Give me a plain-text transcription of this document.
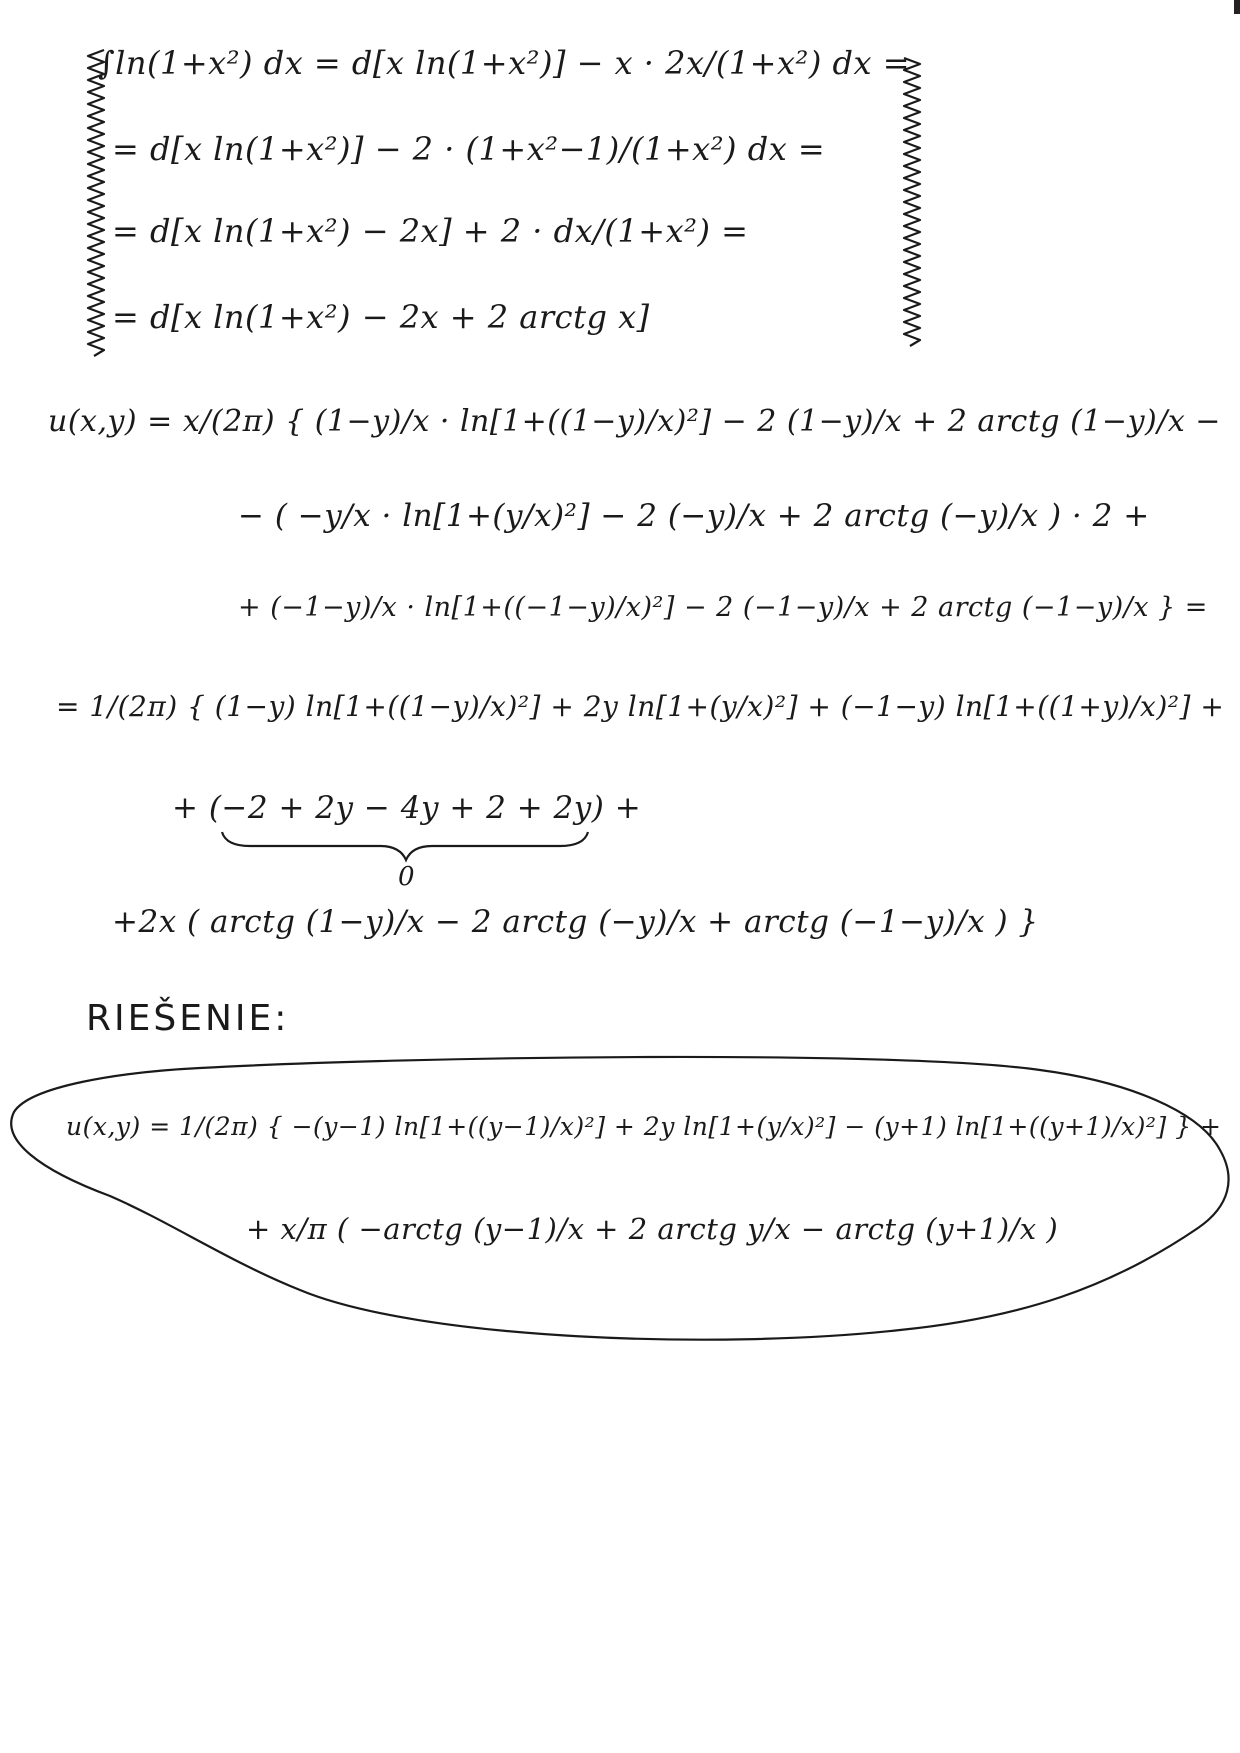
∫ln(1+x²) dx = d[x ln(1+x²)] − x · 2x/(1+x²) dx =
= d[x ln(1+x²)] − 2 · (1+x²−1)/(1+x²) dx =
= d[x ln(1+x²) − 2x] + 2 · dx/(1+x²) =
= d[x ln(1+x²) − 2x + 2 arctg x]
u(x,y) = x/(2π) { (1−y)/x · ln[1+((1−y)/x)²] − 2 (1−y)/x + 2 arctg (1−y)/x −
− ( −y/x · ln[1+(y/x)²] − 2 (−y)/x + 2 arctg (−y)/x ) · 2 +
+ (−1−y)/x · ln[1+((−1−y)/x)²] − 2 (−1−y)/x + 2 arctg (−1−y)/x } =
= 1/(2π) { (1−y) ln[1+((1−y)/x)²] + 2y ln[1+(y/x)²] + (−1−y) ln[1+((1+y)/x)²] +
+ (−2 + 2y − 4y + 2 + 2y) +
0
+2x ( arctg (1−y)/x − 2 arctg (−y)/x + arctg (−1−y)/x ) }
RIEŠENIE:
u(x,y) = 1/(2π) { −(y−1) ln[1+((y−1)/x)²] + 2y ln[1+(y/x)²] − (y+1) ln[1+((y+1)/x)²] } +
+ x/π ( −arctg (y−1)/x + 2 arctg y/x − arctg (y+1)/x )
